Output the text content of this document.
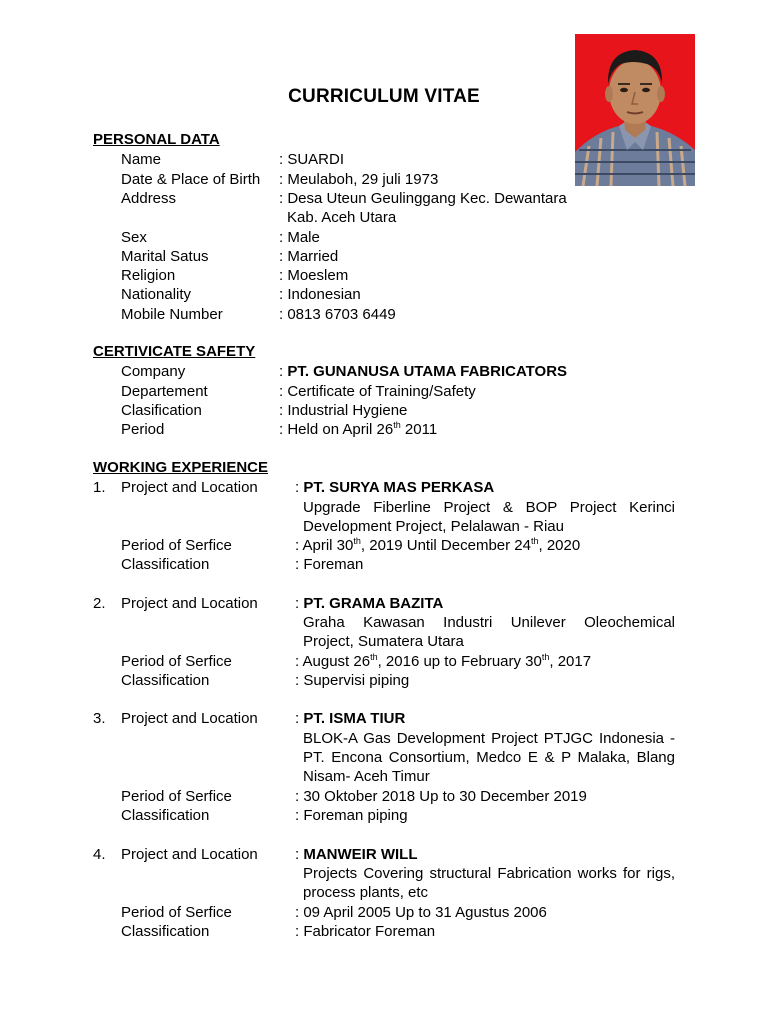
CURRICULUM VITAE
PERSONAL DATA
Name	: SUARDI
Date & Place of Birth : Meulaboh, 29 juli 1973
Address	: Desa Uteun Geulinggang Kec. Dewantara
Kab. Aceh Utara
Sex	: Male
Marital Satus	: Married
Religion	: Moeslem
Nationality	: Indonesian
Mobile Number	: 0813 6703 6449
CERTIVICATE SAFETY
Company	: PT. GUNANUSA UTAMA FABRICATORS
Departement	: Certificate of Training/Safety
Clasification	: Industrial Hygiene
Period	: Held on April 26th 2011
WORKING EXPERIENCE
1. Project and Location : PT. SURYA MAS PERKASA
Upgrade Fiberline Project & BOP Project Kerinci
Development Project, Pelalawan - Riau
Period of Serfice	: April 30th, 2019 Until December 24th, 2020
Classification	: Foreman
2. Project and Location : PT. GRAMA BAZITA
Graha Kawasan Industri Unilever Oleochemical
Project, Sumatera Utara
Period of Serfice	: August 26th, 2016 up to February 30th, 2017
Classification	: Supervisi piping
3. Project and Location : PT. ISMA TIUR
BLOK-A Gas Development Project PTJGC Indonesia -
PT. Encona Consortium, Medco E & P Malaka, Blang
Nisam- Aceh Timur
Period of Serfice	: 30 Oktober 2018 Up to 30 December 2019
Classification	: Foreman piping
4. Project and Location : MANWEIR WILL
Projects Covering structural Fabrication works for rigs,
process plants, etc
Period of Serfice	: 09 April 2005 Up to 31 Agustus 2006
Classification	: Fabricator Foreman
